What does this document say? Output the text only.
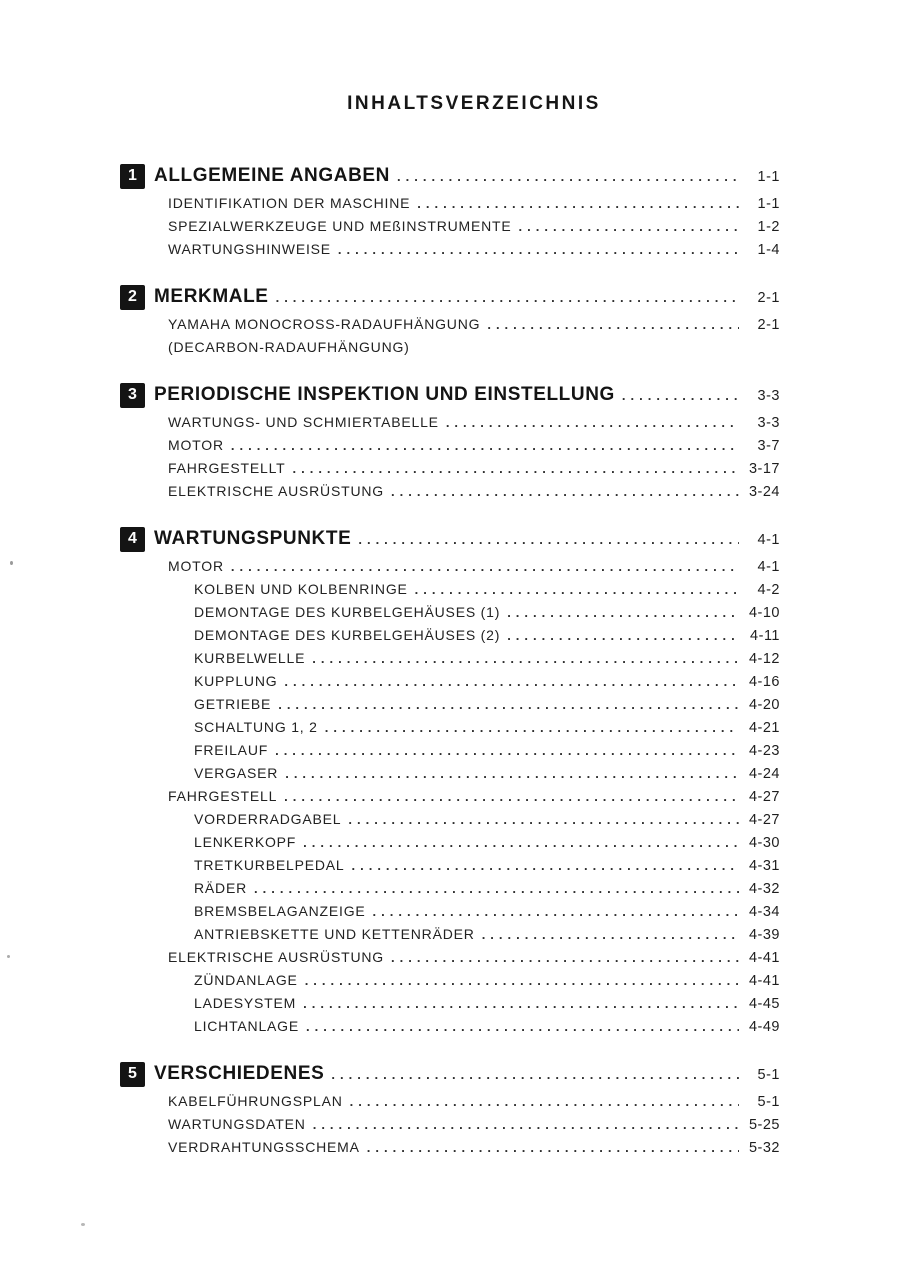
INHALTSVERZEICHNIS
1 ALLGEMEINE ANGABEN .....	1-1
IDENTIFIKATION DER MASCHINE .....	1-1
SPEZIALWERKZEUGE UND MEßINSTRUMENTE .....	1-2
WARTUNGSHINWEISE .....	1-4
2 MERKMALE .....	2-1
YAMAHA MONOCROSS-RADAUFHÄNGUNG .....	2-1
(DECARBON-RADAUFHÄNGUNG)
3 PERIODISCHE INSPEKTION UND EINSTELLUNG .....	3-3
WARTUNGS- UND SCHMIERTABELLE .....	3-3
MOTOR .....	3-7
FAHRGESTELLT .....	3-17
ELEKTRISCHE AUSRÜSTUNG .....	3-24
4 WARTUNGSPUNKTE .....	4-1
MOTOR .....	4-1
KOLBEN UND KOLBENRINGE .....	4-2
DEMONTAGE DES KURBELGEHÄUSES (1) .....	4-10
DEMONTAGE DES KURBELGEHÄUSES (2) .....	4-11
KURBELWELLE .....	4-12
KUPPLUNG .....	4-16
GETRIEBE .....	4-20
SCHALTUNG 1, 2 .....	4-21
FREILAUF .....	4-23
VERGASER .....	4-24
FAHRGESTELL .....	4-27
VORDERRADGABEL .....	4-27
LENKERKOPF .....	4-30
TRETKURBELPEDAL .....	4-31
RÄDER .....	4-32
BREMSBELAGANZEIGE .....	4-34
ANTRIEBSKETTE UND KETTENRÄDER .....	4-39
ELEKTRISCHE AUSRÜSTUNG .....	4-41
ZÜNDANLAGE .....	4-41
LADESYSTEM .....	4-45
LICHTANLAGE .....	4-49
5 VERSCHIEDENES .....	5-1
KABELFÜHRUNGSPLAN .....	5-1
WARTUNGSDATEN .....	5-25
VERDRAHTUNGSSCHEMA .....	5-32
